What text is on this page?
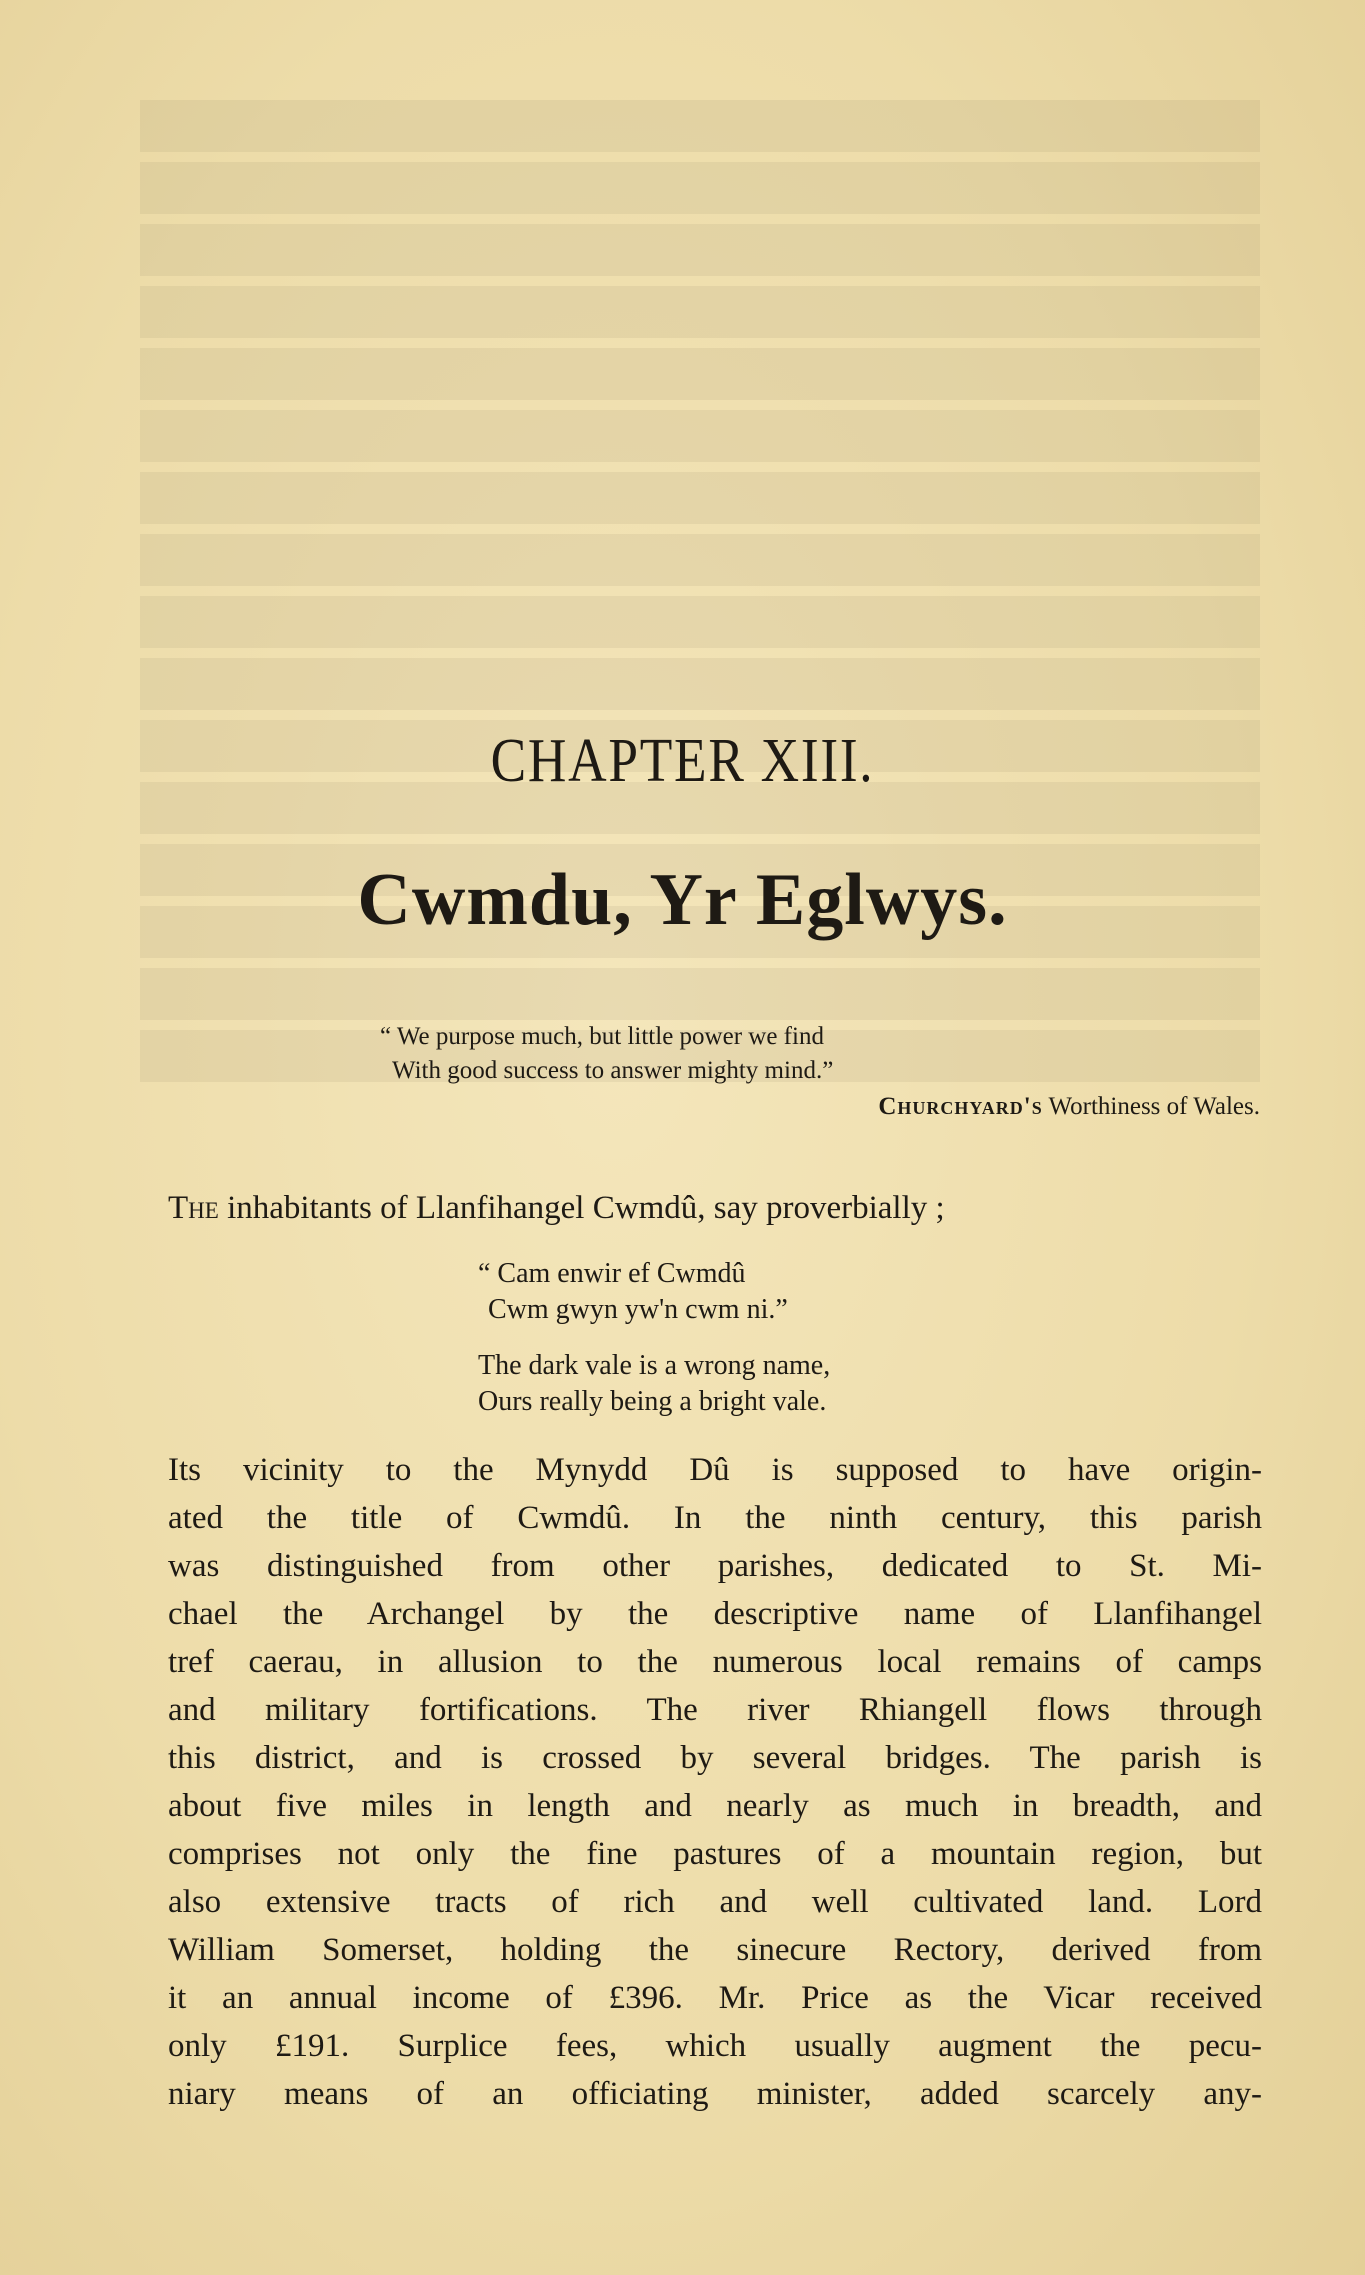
CHAPTER XIII.
Cwmdu, Yr Eglwys.
“ We purpose much, but little power we find
With good success to answer mighty mind.”
Churchyard's Worthiness of Wales.
The inhabitants of Llanfihangel Cwmdû, say proverbially ;
“ Cam enwir ef Cwmdû
Cwm gwyn yw'n cwm ni.”
The dark vale is a wrong name,
Ours really being a bright vale.
Its vicinity to the Mynydd Dû is supposed to have origin-
ated the title of Cwmdû. In the ninth century, this parish
was distinguished from other parishes, dedicated to St. Mi-
chael the Archangel by the descriptive name of Llanfihangel
tref caerau, in allusion to the numerous local remains of camps
and military fortifications. The river Rhiangell flows through
this district, and is crossed by several bridges. The parish is
about five miles in length and nearly as much in breadth, and
comprises not only the fine pastures of a mountain region, but
also extensive tracts of rich and well cultivated land. Lord
William Somerset, holding the sinecure Rectory, derived from
it an annual income of £396. Mr. Price as the Vicar received
only £191. Surplice fees, which usually augment the pecu-
niary means of an officiating minister, added scarcely any-
